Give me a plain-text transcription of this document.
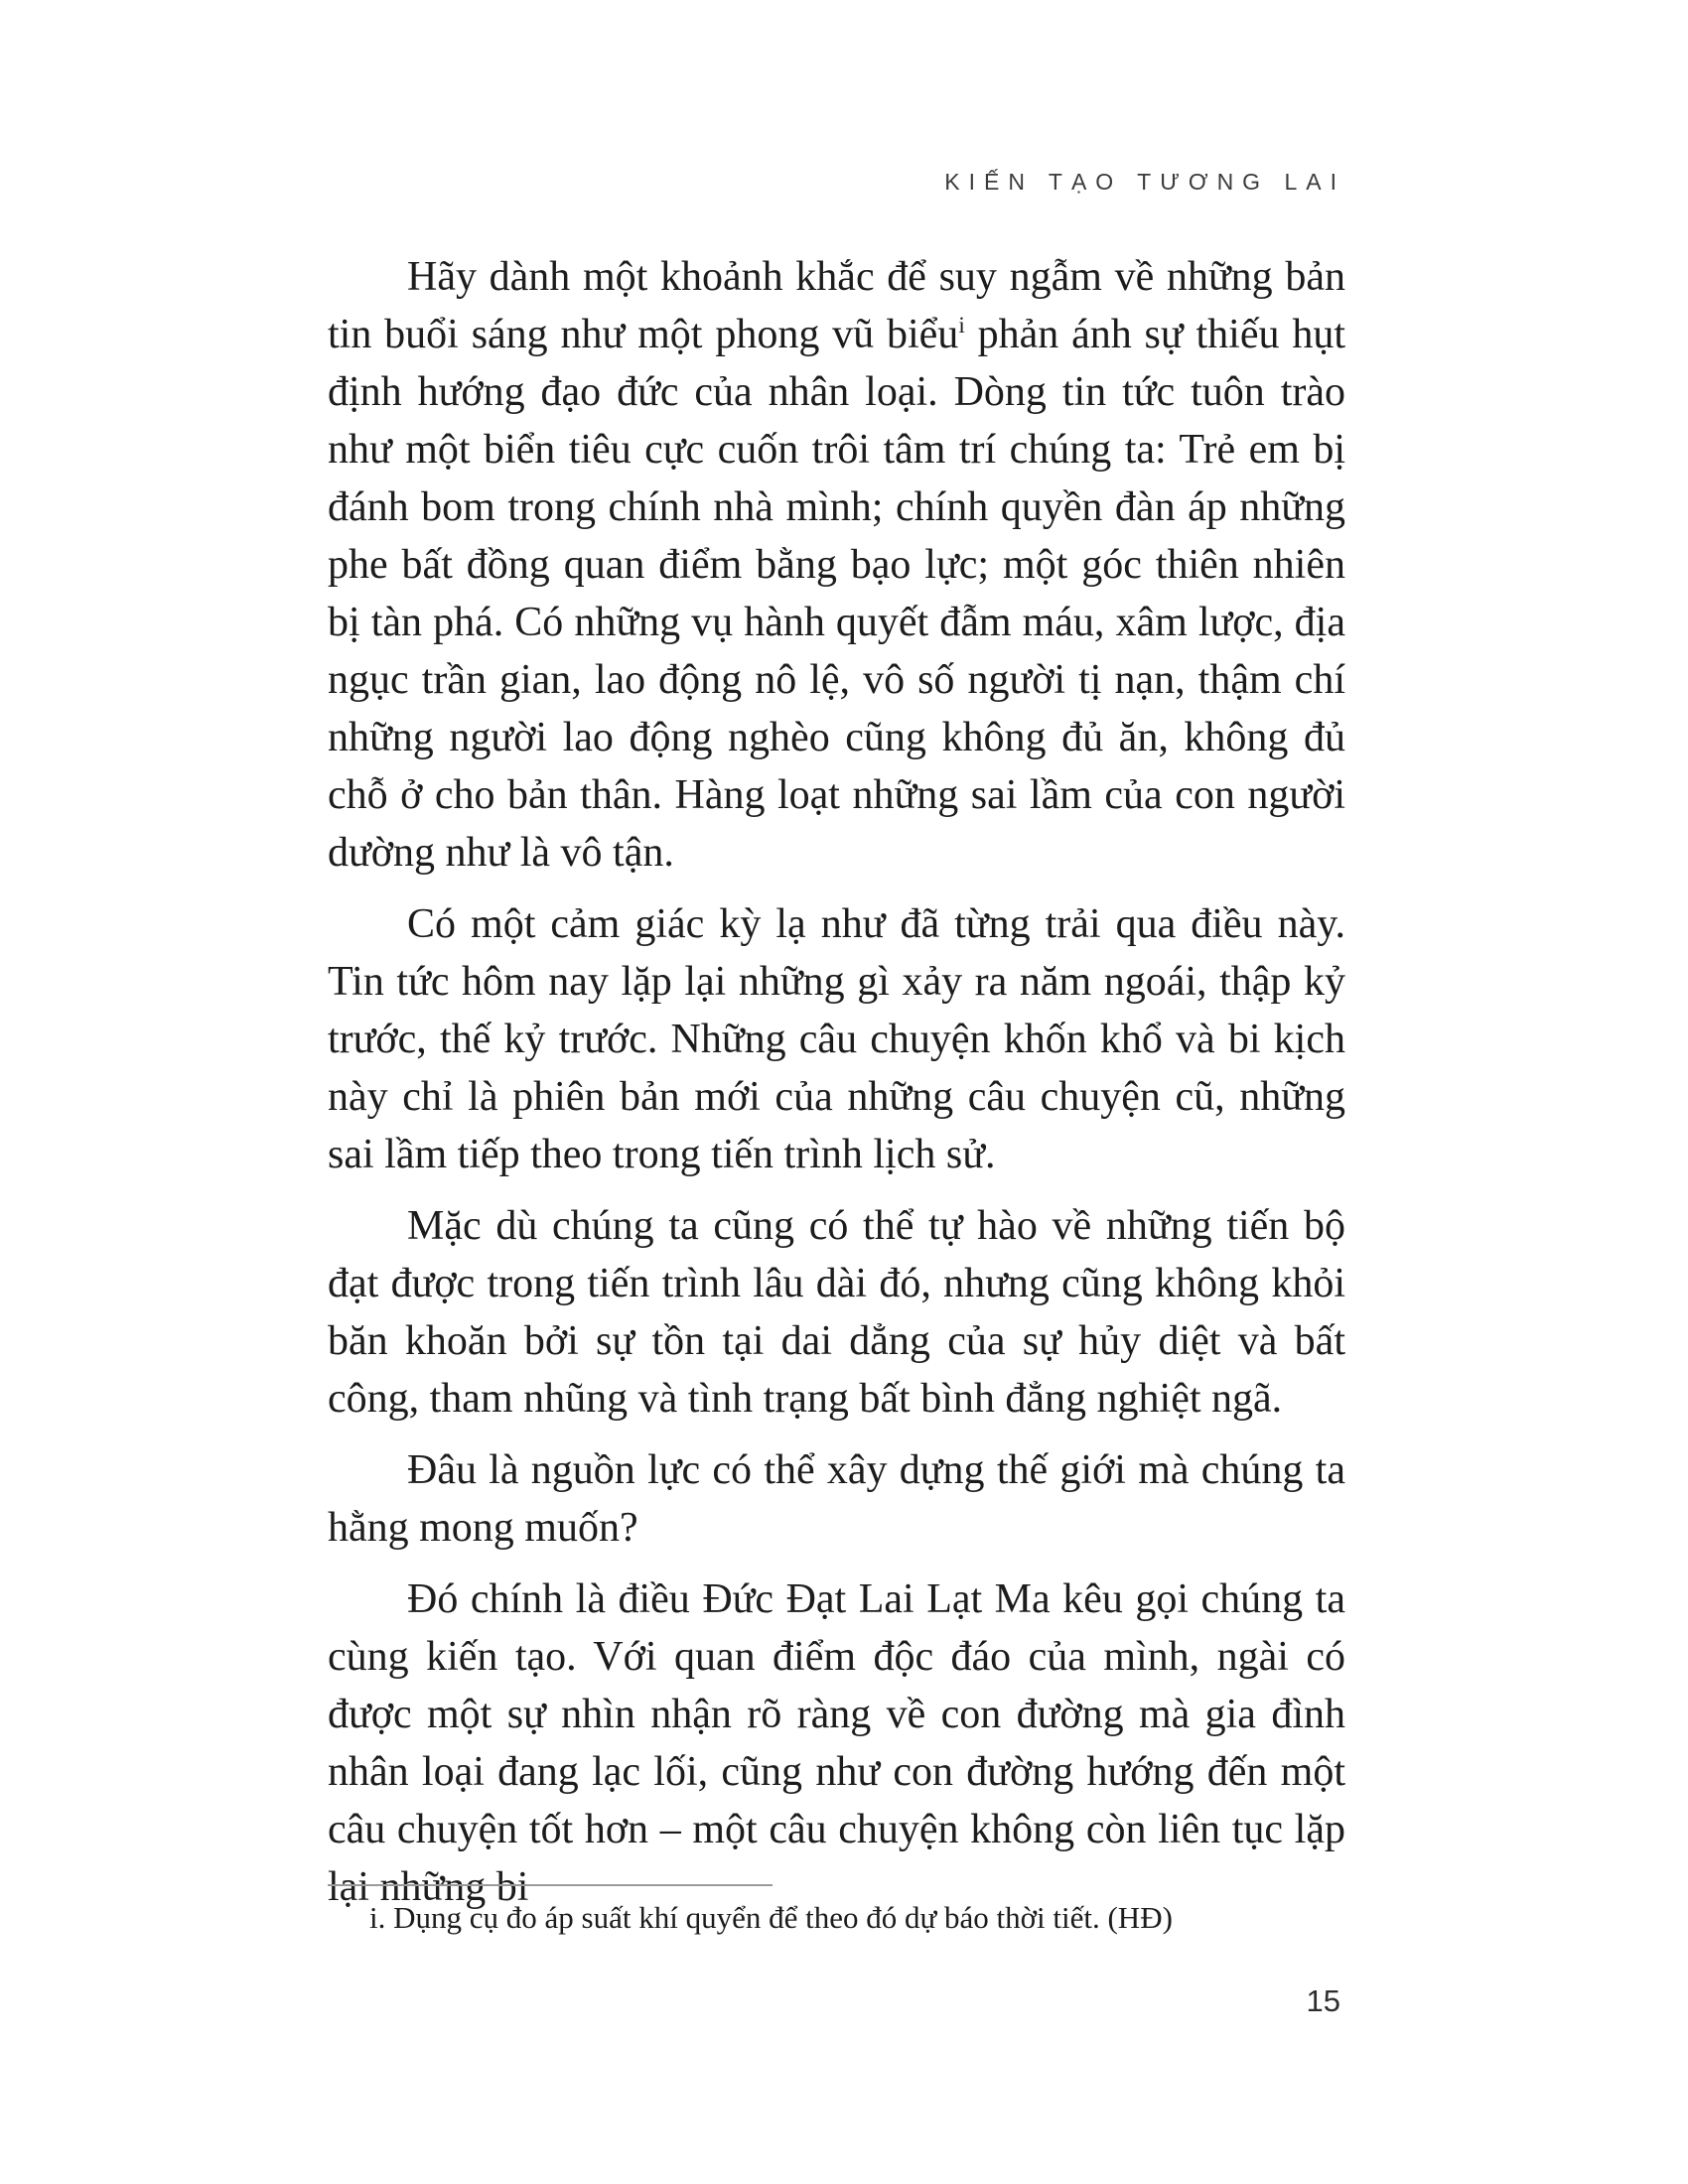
KIẾN TẠO TƯƠNG LAI

Hãy dành một khoảnh khắc để suy ngẫm về những bản tin buổi sáng như một phong vũ biểu$^i$ phản ánh sự thiếu hụt định hướng đạo đức của nhân loại. Dòng tin tức tuôn trào như một biển tiêu cực cuốn trôi tâm trí chúng ta: Trẻ em bị đánh bom trong chính nhà mình; chính quyền đàn áp những phe bất đồng quan điểm bằng bạo lực; một góc thiên nhiên bị tàn phá. Có những vụ hành quyết đẫm máu, xâm lược, địa ngục trần gian, lao động nô lệ, vô số người tị nạn, thậm chí những người lao động nghèo cũng không đủ ăn, không đủ chỗ ở cho bản thân. Hàng loạt những sai lầm của con người dường như là vô tận.

Có một cảm giác kỳ lạ như đã từng trải qua điều này. Tin tức hôm nay lặp lại những gì xảy ra năm ngoái, thập kỷ trước, thế kỷ trước. Những câu chuyện khốn khổ và bi kịch này chỉ là phiên bản mới của những câu chuyện cũ, những sai lầm tiếp theo trong tiến trình lịch sử.

Mặc dù chúng ta cũng có thể tự hào về những tiến bộ đạt được trong tiến trình lâu dài đó, nhưng cũng không khỏi băn khoăn bởi sự tồn tại dai dẳng của sự hủy diệt và bất công, tham nhũng và tình trạng bất bình đẳng nghiệt ngã.

Đâu là nguồn lực có thể xây dựng thế giới mà chúng ta hằng mong muốn?

Đó chính là điều Đức Đạt Lai Lạt Ma kêu gọi chúng ta cùng kiến tạo. Với quan điểm độc đáo của mình, ngài có được một sự nhìn nhận rõ ràng về con đường mà gia đình nhân loại đang lạc lối, cũng như con đường hướng đến một câu chuyện tốt hơn – một câu chuyện không còn liên tục lặp lại những bi

i. Dụng cụ đo áp suất khí quyển để theo đó dự báo thời tiết. (HĐ)
15
